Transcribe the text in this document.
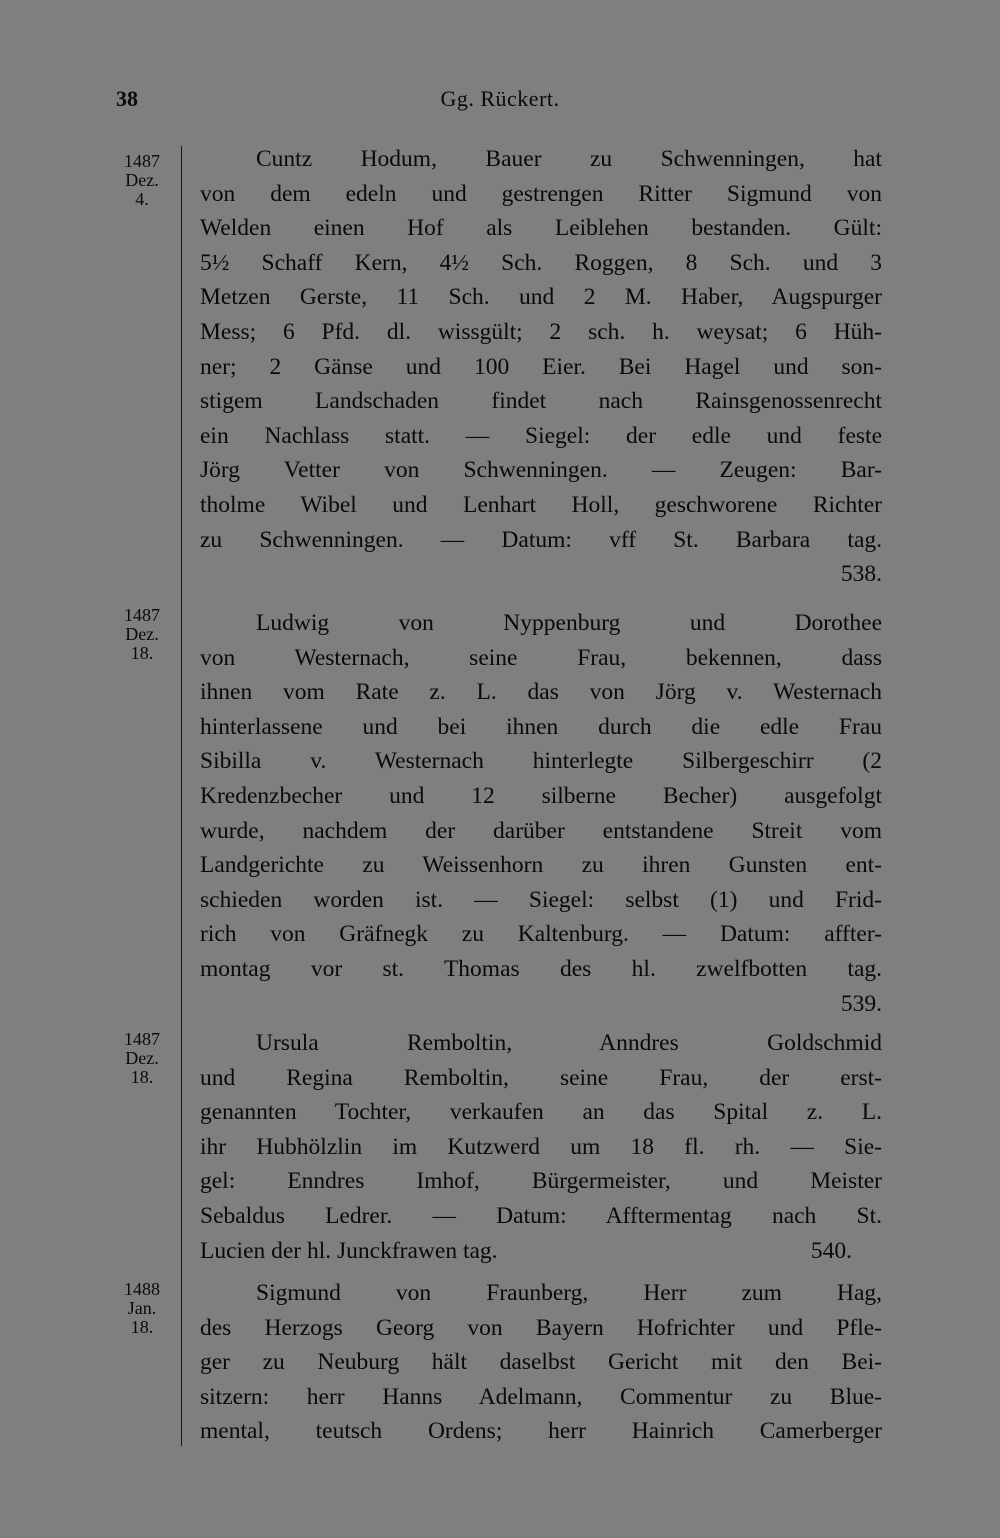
38	Gg. Rückert.
1487
Dez.
4.
Cuntz Hodum, Bauer zu Schwenningen, hat
von dem edeln und gestrengen Ritter Sigmund von
Welden einen Hof als Leiblehen bestanden. Gült:
5½ Schaff Kern, 4½ Sch. Roggen, 8 Sch. und 3
Metzen Gerste, 11 Sch. und 2 M. Haber, Augspurger
Mess; 6 Pfd. dl. wissgült; 2 sch. h. weysat; 6 Hüh-
ner; 2 Gänse und 100 Eier. Bei Hagel und son-
stigem Landschaden findet nach Rainsgenossenrecht
ein Nachlass statt. — Siegel: der edle und feste
Jörg Vetter von Schwenningen. — Zeugen: Bar-
tholme Wibel und Lenhart Holl, geschworene Richter
zu Schwenningen. — Datum: vff St. Barbara tag.
538.
1487
Dez.
18.
Ludwig von Nyppenburg und Dorothee
von Westernach, seine Frau, bekennen, dass
ihnen vom Rate z. L. das von Jörg v. Westernach
hinterlassene und bei ihnen durch die edle Frau
Sibilla v. Westernach hinterlegte Silbergeschirr (2
Kredenzbecher und 12 silberne Becher) ausgefolgt
wurde, nachdem der darüber entstandene Streit vom
Landgerichte zu Weissenhorn zu ihren Gunsten ent-
schieden worden ist. — Siegel: selbst (1) und Frid-
rich von Gräfnegk zu Kaltenburg. — Datum: affter-
montag vor st. Thomas des hl. zwelfbotten tag.
539.
1487
Dez.
18.
Ursula Remboltin, Anndres Goldschmid
und Regina Remboltin, seine Frau, der erst-
genannten Tochter, verkaufen an das Spital z. L.
ihr Hubhölzlin im Kutzwerd um 18 fl. rh. — Sie-
gel: Enndres Imhof, Bürgermeister, und Meister
Sebaldus Ledrer. — Datum: Afftermentag nach St.
Lucien der hl. Junckfrawen tag.	540.
1488
Jan.
18.
Sigmund von Fraunberg, Herr zum Hag,
des Herzogs Georg von Bayern Hofrichter und Pfle-
ger zu Neuburg hält daselbst Gericht mit den Bei-
sitzern: herr Hanns Adelmann, Commentur zu Blue-
mental, teutsch Ordens; herr Hainrich Camerberger
